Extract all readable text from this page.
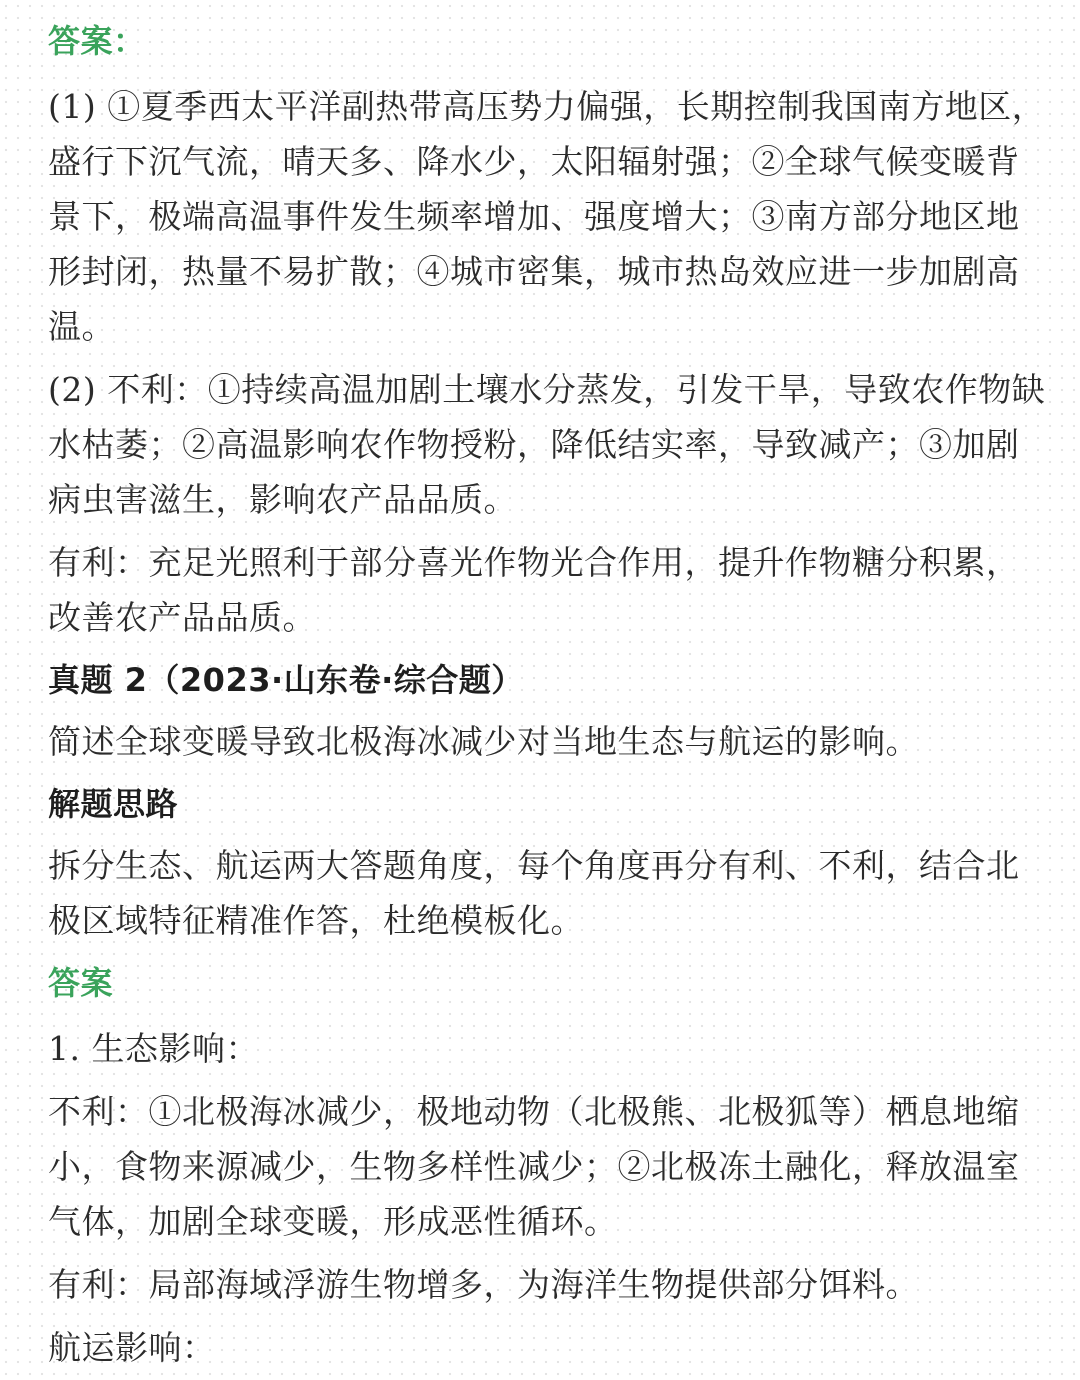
答案：
(1) ①夏季西太平洋副热带高压势力偏强，长期控制我国南方地区，盛行下沉气流，晴天多、降水少，太阳辐射强；②全球气候变暖背景下，极端高温事件发生频率增加、强度增大；③南方部分地区地形封闭，热量不易扩散；④城市密集，城市热岛效应进一步加剧高温。
(2) 不利：①持续高温加剧土壤水分蒸发，引发干旱，导致农作物缺水枯萎；②高温影响农作物授粉，降低结实率，导致减产；③加剧病虫害滋生，影响农产品品质。
有利：充足光照利于部分喜光作物光合作用，提升作物糖分积累，改善农产品品质。
真题 2（2023·山东卷·综合题）
简述全球变暖导致北极海冰减少对当地生态与航运的影响。
解题思路
拆分生态、航运两大答题角度，每个角度再分有利、不利，结合北极区域特征精准作答，杜绝模板化。
答案
1. 生态影响：
不利：①北极海冰减少，极地动物（北极熊、北极狐等）栖息地缩小，食物来源减少，生物多样性减少；②北极冻土融化，释放温室气体，加剧全球变暖，形成恶性循环。
有利：局部海域浮游生物增多，为海洋生物提供部分饵料。
航运影响：
